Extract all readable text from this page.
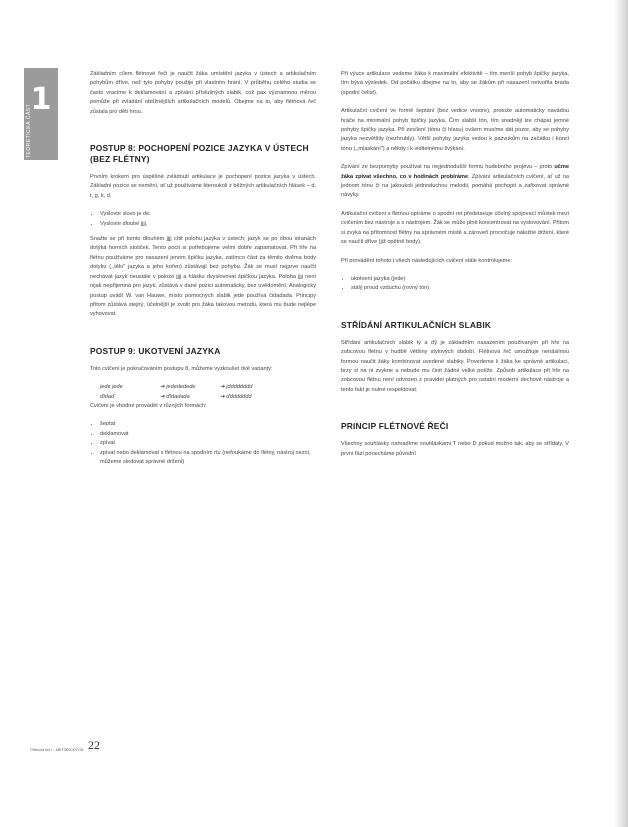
1
TEORETICKÁ ČÁST

Základním cílem flétnové řeči je naučit žáka umístění jazyka v ústech a artikulačním pohybům dříve, než tyto pohyby použije při vlastním hraní. V průběhu celého studia se často vracíme k deklamování a zpívání příslušných slabik, což pax významnou měrou pomůže při zvládání obtížnějších artikulačních modelů. Obejme na to, aby flétnová řeč zůstala pro děti hrou.

POSTUP 8: POCHOPENÍ POZICE JAZYKA V ÚSTECH (BEZ FLÉTNY)

Prvním krokem pro úspěšné zvládnutí artikulace je pochopení pozice jazyka v ústech. Základní pozice se nemění, ať už používáme kteroukoli z běžných artikulačních hlásek – d, t, g, k, d.

• Vyslovte slovo je de.
• Vyslovte dlouhé jjjj.

Snažte se při tomto dlouhém jjjj cítit polohu jazyka v ústech; jazyk se po obou stranách dotýká horních stoliček. Tento pocit si potřebujeme velmi dobře zapamatovat. Při hře na flétnu používáme pro nasazení jenom špičku jazyka, zatímco část za těmito dvěma body dotyku (,,tělo" jazyka a jeho kořen) zůstávají bez pohybu. Žák se musí nejprve naučit nechávat jazyk neustále v poloze jjjj a hlásku dvyslovovat špičkou jazyka. Poloha jjjj není nijak nepřijemná pro jazyk, zůstává v dané pozici automaticky, bez uvědomění. Analogický postup uvádí W. van Hauwe, místo pomocných slabik jede používá čidadada. Principy přitom zůstává stejný, účelnější je zvolit pro žáka takovou metodu, která mu bude nejlépe vyhovovat.

POSTUP 9: UKOTVENÍ JAZYKA

Toto cvičení je pokračováním postupu 8, můžeme vyzkoušet dvě varianty:

jede jede	➔ jedededede	➔ jdddddddd
ďidaď	➔ ďidadada	➔ ďddddddd

Cvičení je vhodné provádět v různých formách:

• šeptat
• deklamovat
• zpívat
• zpívat nebo deklamovat s flétnou na spodním rtu (nefoukáme do flétny, nástroj nezní, můžeme sledovat správné držení)

Při výuce artikulace vedeme žáka k maximální efektivitě – tím menší pohyb špičky jazyka, tím bývá výsledek. Od počátku dbejme na to, aby se žákům při nasazení netvořila brada (spodní čelist).

Artikulační cvičení ve formě šeptání (bez vedice vnoore), protože automaticky navádou hráče na minimální pohyb špičky jazyka. Čím slabší tón, tím snadněji lze chápat jemné pohyby špičky jazyka. Při zesílení (tónu či hlasu) ovšem musíme dát pozor, aby se pohyby jazyka nezvětšily (nezhrubly). Větší pohyby jazyka vedou k pazvukům na začátku i konci tónu (,,mlaskání") a někdy i k viditelnému žvýkání.

Zpívání ze bezpomyby používat na nejjednodušší formu hudebního projevu – proto učme žáka zpívat všechno, co v hodinách probíráme. Zpívání artikulačních cvičení, ať už na jednom tónu či na jakoukoli jednoduchou melodii, pomáhá pochopit a zafixovat správné návyky.

Artikulační cvičení s flétnou opíráme o spodní ret představuje účelný spojovací můstek mezi cvičením bez nástroje a s nástrojem. Žák se může plně koncentrovat na vyslovování. Přitom si zvyká na přítomnost flétny na správném místě a zároveň procvičuje náležité držení, které se naučil dříve (již opětně body).

Při provádění tohoto i všech následujících cvičení stále kontrolujeme:

• ukotvení jazyka (jede)
• stálý proud vzduchu (rovný tón)
STŘÍDÁNÍ ARTIKULAČNÍCH SLABIK

Střídání artikulačních slabik tý a ďý je základním nasazením používaným při hře na zobcovou flétnu v hudbě většiny stylových období. Flétnová řeč umožňuje nenásilnou formou naučit žáky kombinovat uvedené slabiky. Povedeme li žáka ke správné artikulaci, brzy si na ni zvykne a nebude mu činit žádné velké potíže. Způsob artikulace při hře na zobcovou flétnu není odvozen z pravidel platných pro ostatní moderní dechové nástroje a tento fakt je nutné respektovat.

PRINCIP FLÉTNOVÉ ŘEČI

Všechny souhlásky nahradíme souhláskami T nebo D pokud možno tak, aby se střídaly. V první fázi ponecháme původní

Flétnová řeč I – METODICKÝ DÍL 22
